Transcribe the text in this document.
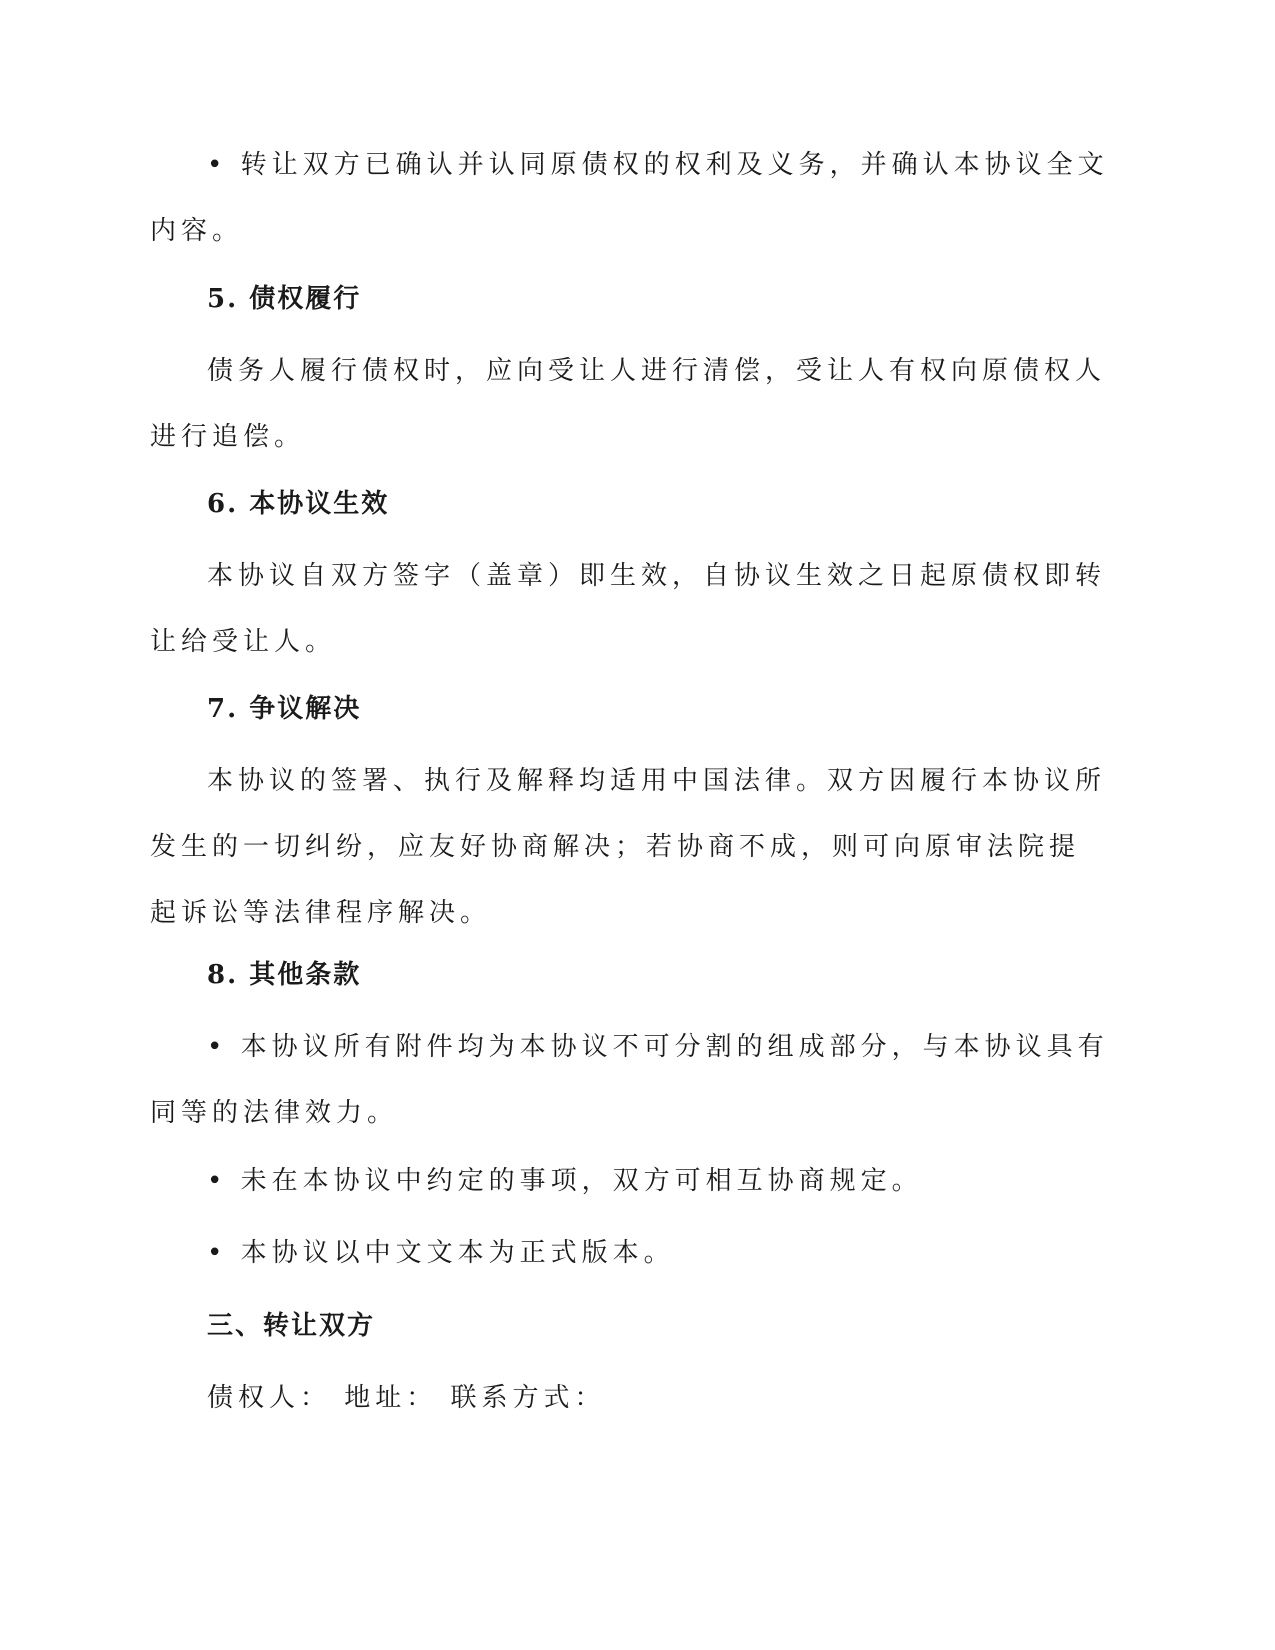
• 转让双方已确认并认同原债权的权利及义务，并确认本协议全文内容。

5. 债权履行

债务人履行债权时，应向受让人进行清偿，受让人有权向原债权人进行追偿。

6. 本协议生效

本协议自双方签字（盖章）即生效，自协议生效之日起原债权即转让给受让人。

7. 争议解决

本协议的签署、执行及解释均适用中国法律。双方因履行本协议所发生的一切纠纷，应友好协商解决；若协商不成，则可向原审法院提起诉讼等法律程序解决。

8. 其他条款

• 本协议所有附件均为本协议不可分割的组成部分，与本协议具有同等的法律效力。

• 未在本协议中约定的事项，双方可相互协商规定。

• 本协议以中文文本为正式版本。

三、转让双方

债权人： 地址： 联系方式：
